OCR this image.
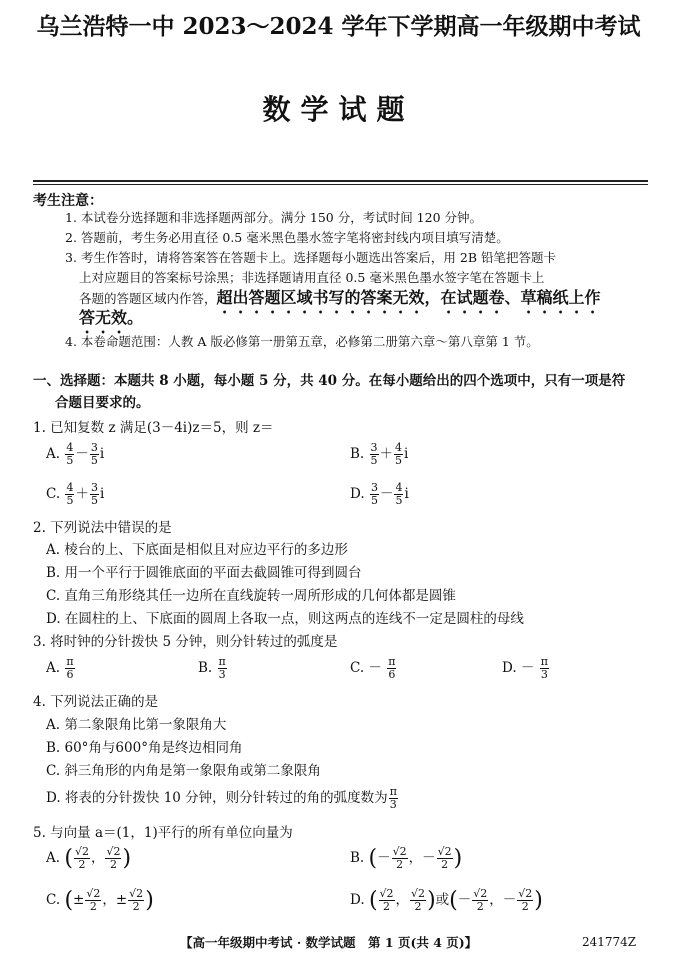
乌兰浩特一中 2023～2024 学年下学期高一年级期中考试
数学试题
考生注意：
1. 本试卷分选择题和非选择题两部分。满分 150 分，考试时间 120 分钟。
2. 答题前，考生务必用直径 0.5 毫米黑色墨水签字笔将密封线内项目填写清楚。
3. 考生作答时，请将答案答在答题卡上。选择题每小题选出答案后，用 2B 铅笔把答题卡
上对应题目的答案标号涂黑；非选择题请用直径 0.5 毫米黑色墨水签字笔在答题卡上
各题的答题区域内作答，超出答题区域书写的答案无效，在试题卷、草稿纸上作
答无效。
4. 本卷命题范围：人教 A 版必修第一册第五章，必修第二册第六章～第八章第 1 节。
一、选择题：本题共 8 小题，每小题 5 分，共 40 分。在每小题给出的四个选项中，只有一项是符
合题目要求的。
1. 已知复数 z 满足(3－4i)z＝5，则 z＝
A. $\frac{4}{5} - \frac{3}{5}$ i	B. $\frac{3}{5} + \frac{4}{5}$ i
C. $\frac{4}{5} + \frac{3}{5}$ i	D. $\frac{3}{5} - \frac{4}{5}$ i
2. 下列说法中错误的是
A. 棱台的上、下底面是相似且对应边平行的多边形
B. 用一个平行于圆锥底面的平面去截圆锥可得到圆台
C. 直角三角形绕其任一边所在直线旋转一周所形成的几何体都是圆锥
D. 在圆柱的上、下底面的圆周上各取一点，则这两点的连线不一定是圆柱的母线
3. 将时钟的分针拨快 5 分钟，则分针转过的弧度是
A. $\frac{\pi}{6}$	B. $\frac{\pi}{3}$	C. － $\frac{\pi}{6}$	D. － $\frac{\pi}{3}$
4. 下列说法正确的是
A. 第二象限角比第一象限角大
B. 60°角与600°角是终边相同角
C. 斜三角形的内角是第一象限角或第二象限角
D. 将表的分针拨快 10 分钟，则分针转过的角的弧度数为 $\frac{\pi}{3}$
5. 与向量 a＝(1，1)平行的所有单位向量为
A. ( $\frac{√2}{2}$ ， $\frac{√2}{2}$ )	B. (－ $\frac{√2}{2}$ ，－ $\frac{√2}{2}$ )
C. (± $\frac{√2}{2}$ ，± $\frac{√2}{2}$ )	D. ( $\frac{√2}{2}$ ， $\frac{√2}{2}$ )或(－ $\frac{√2}{2}$ ，－ $\frac{√2}{2}$ )
【高一年级期中考试 · 数学试题　第 1 页(共 4 页)】	241774Z
